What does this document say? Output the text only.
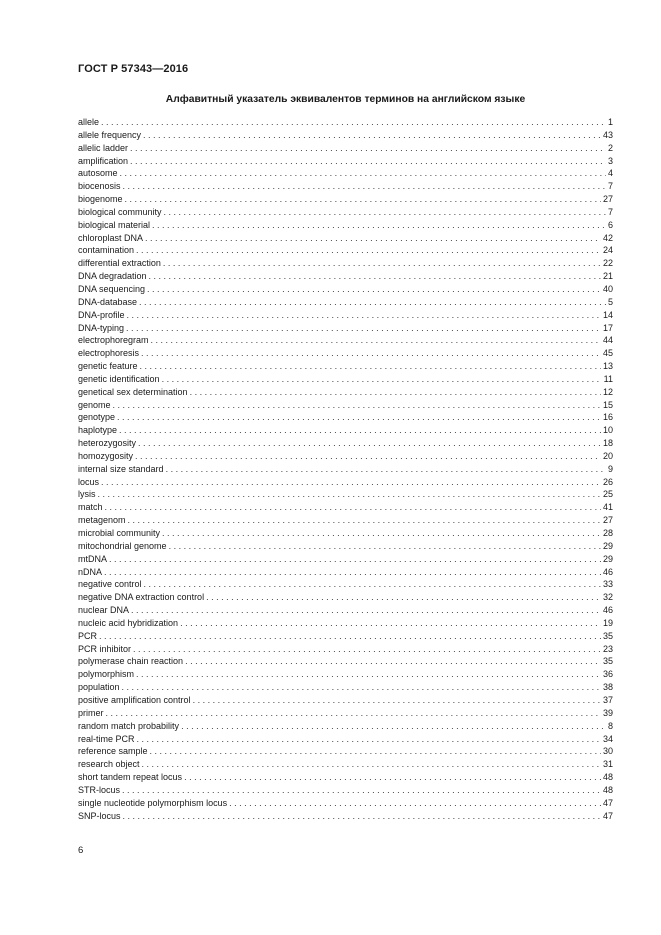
ГОСТ Р 57343—2016
Алфавитный указатель эквивалентов терминов на английском языке
allele . . .	1
allele frequency . . .	43
allelic ladder . . .	2
amplification . . .	3
autosome . . .	4
biocenosis . . .	7
biogenome . . .	27
biological community . . .	7
biological material . . .	6
chloroplast DNA . . .	42
contamination . . .	24
differential extraction . . .	22
DNA degradation . . .	21
DNA sequencing . . .	40
DNA-database . . .	5
DNA-profile . . .	14
DNA-typing . . .	17
electrophoregram . . .	44
electrophoresis . . .	45
genetic feature . . .	13
genetic identification . . .	11
genetical sex determination . . .	12
genome . . .	15
genotype . . .	16
haplotype . . .	10
heterozygosity . . .	18
homozygosity . . .	20
internal size standard . . .	9
locus . . .	26
lysis . . .	25
match . . .	41
metagenom . . .	27
microbial community . . .	28
mitochondrial genome . . .	29
mtDNA . . .	29
nDNA . . .	46
negative control . . .	33
negative DNA extraction control . . .	32
nuclear DNA . . .	46
nucleic acid hybridization . . .	19
PCR . . .	35
PCR inhibitor . . .	23
polymerase chain reaction . . .	35
polymorphism . . .	36
population . . .	38
positive amplification control . . .	37
primer . . .	39
random match probability . . .	8
real-time PCR . . .	34
reference sample . . .	30
research object . . .	31
short tandem repeat locus . . .	48
STR-locus . . .	48
single nucleotide polymorphism locus . . .	47
SNP-locus . . .	47
6
